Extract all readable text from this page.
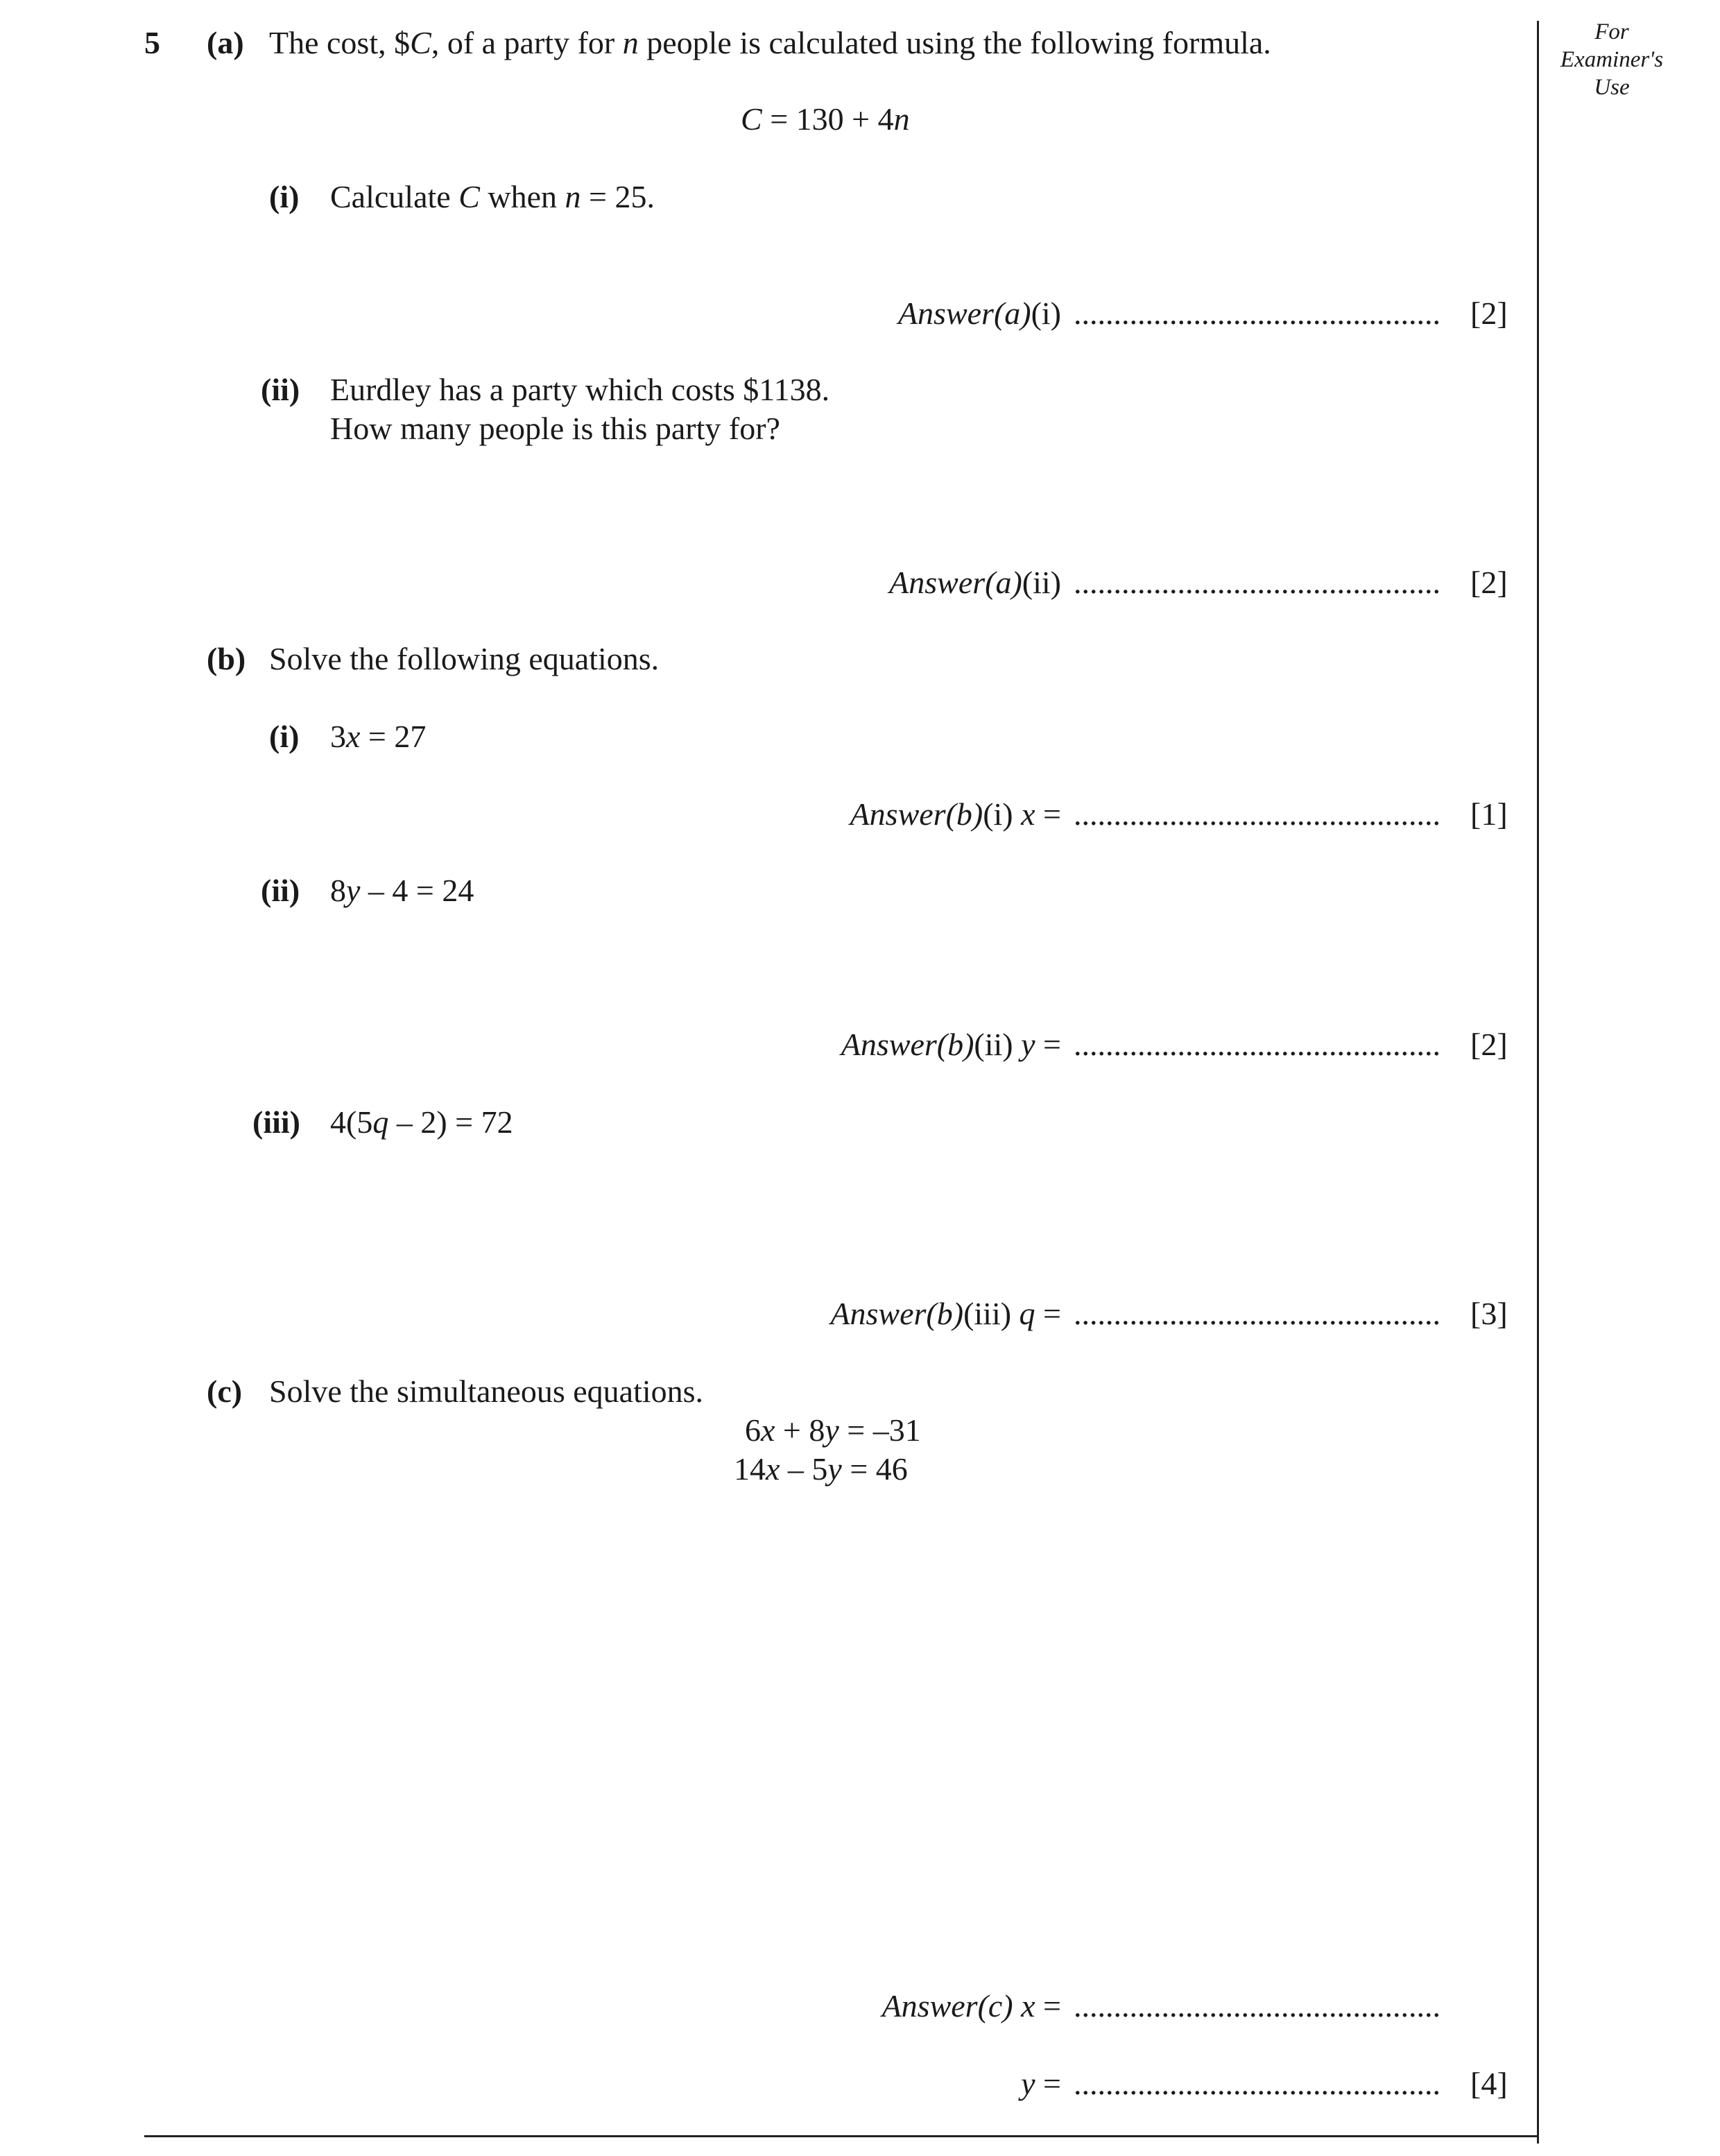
For
Examiner's
Use
5 (a) The cost, $C, of a party for n people is calculated using the following formula.
C = 130 + 4n
(i) Calculate C when n = 25.
Answer(a)(i) .............................................. [2]
(ii) Eurdley has a party which costs $1138.
How many people is this party for?
Answer(a)(ii) .............................................. [2]
(b) Solve the following equations.
(i) 3x = 27
Answer(b)(i) x = .............................................. [1]
(ii) 8y – 4 = 24
Answer(b)(ii) y = .............................................. [2]
(iii) 4(5q – 2) = 72
Answer(b)(iii) q = .............................................. [3]
(c) Solve the simultaneous equations.
6x + 8y = –31
14x – 5y = 46
Answer(c) x = ..............................................
y = .............................................. [4]
